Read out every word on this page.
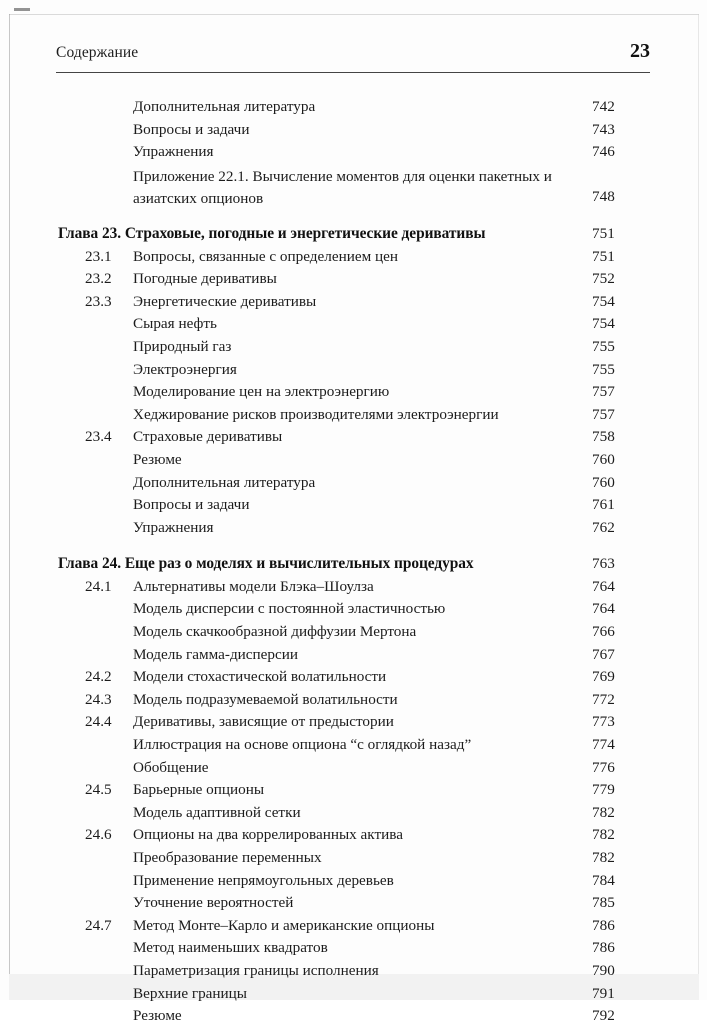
Содержание	23
Дополнительная литература	742
Вопросы и задачи	743
Упражнения	746
Приложение 22.1. Вычисление моментов для оценки пакетных и азиатских опционов	748
Глава 23. Страховые, погодные и энергетические деривативы	751
23.1	Вопросы, связанные с определением цен	751
23.2	Погодные деривативы	752
23.3	Энергетические деривативы	754
Сырая нефть	754
Природный газ	755
Электроэнергия	755
Моделирование цен на электроэнергию	757
Хеджирование рисков производителями электроэнергии	757
23.4	Страховые деривативы	758
Резюме	760
Дополнительная литература	760
Вопросы и задачи	761
Упражнения	762
Глава 24. Еще раз о моделях и вычислительных процедурах	763
24.1	Альтернативы модели Блэка–Шоулза	764
Модель дисперсии с постоянной эластичностью	764
Модель скачкообразной диффузии Мертона	766
Модель гамма-дисперсии	767
24.2	Модели стохастической волатильности	769
24.3	Модель подразумеваемой волатильности	772
24.4	Деривативы, зависящие от предыстории	773
Иллюстрация на основе опциона “с оглядкой назад”	774
Обобщение	776
24.5	Барьерные опционы	779
Модель адаптивной сетки	782
24.6	Опционы на два коррелированных актива	782
Преобразование переменных	782
Применение непрямоугольных деревьев	784
Уточнение вероятностей	785
24.7	Метод Монте–Карло и американские опционы	786
Метод наименьших квадратов	786
Параметризация границы исполнения	790
Верхние границы	791
Резюме	792
